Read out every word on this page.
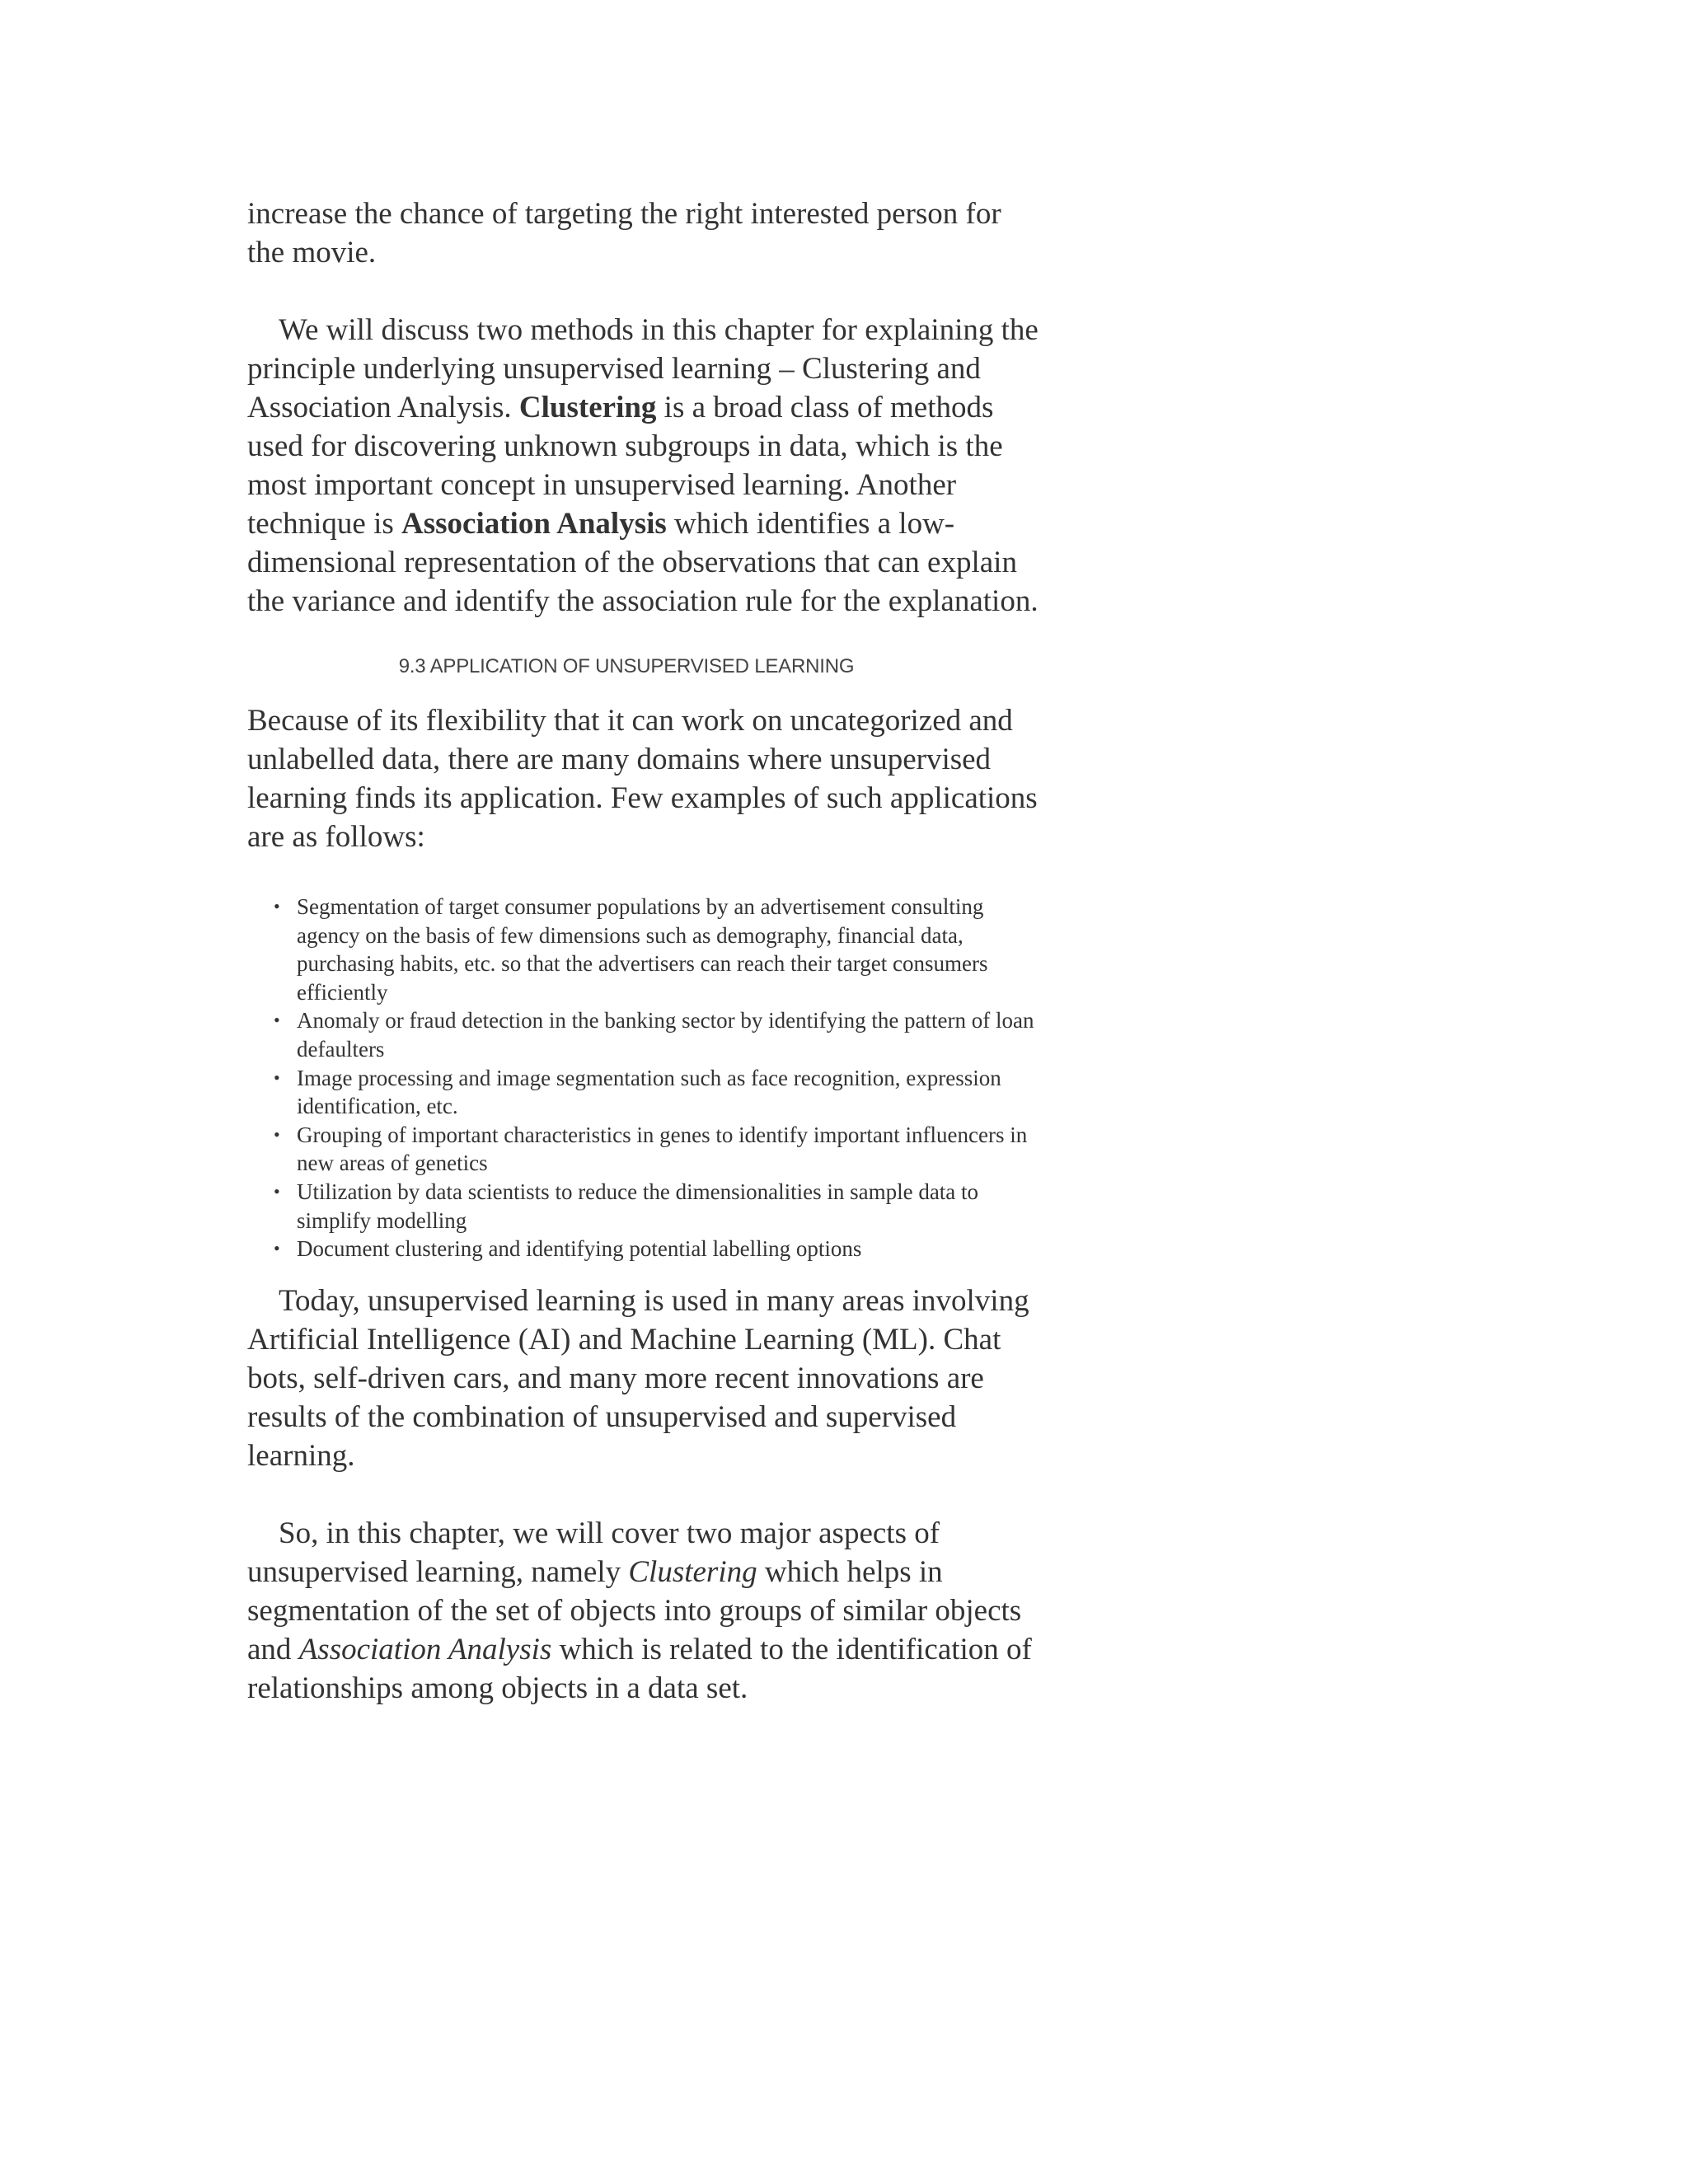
increase the chance of targeting the right interested person for the movie.

We will discuss two methods in this chapter for explaining the principle underlying unsupervised learning – Clustering and Association Analysis. Clustering is a broad class of methods used for discovering unknown subgroups in data, which is the most important concept in unsupervised learning. Another technique is Association Analysis which identifies a low-dimensional representation of the observations that can explain the variance and identify the association rule for the explanation.

9.3 APPLICATION OF UNSUPERVISED LEARNING

Because of its flexibility that it can work on uncategorized and unlabelled data, there are many domains where unsupervised learning finds its application. Few examples of such applications are as follows:

• Segmentation of target consumer populations by an advertisement consulting agency on the basis of few dimensions such as demography, financial data, purchasing habits, etc. so that the advertisers can reach their target consumers efficiently
• Anomaly or fraud detection in the banking sector by identifying the pattern of loan defaulters
• Image processing and image segmentation such as face recognition, expression identification, etc.
• Grouping of important characteristics in genes to identify important influencers in new areas of genetics
• Utilization by data scientists to reduce the dimensionalities in sample data to simplify modelling
• Document clustering and identifying potential labelling options

Today, unsupervised learning is used in many areas involving Artificial Intelligence (AI) and Machine Learning (ML). Chat bots, self-driven cars, and many more recent innovations are results of the combination of unsupervised and supervised learning.

So, in this chapter, we will cover two major aspects of unsupervised learning, namely Clustering which helps in segmentation of the set of objects into groups of similar objects and Association Analysis which is related to the identification of relationships among objects in a data set.
